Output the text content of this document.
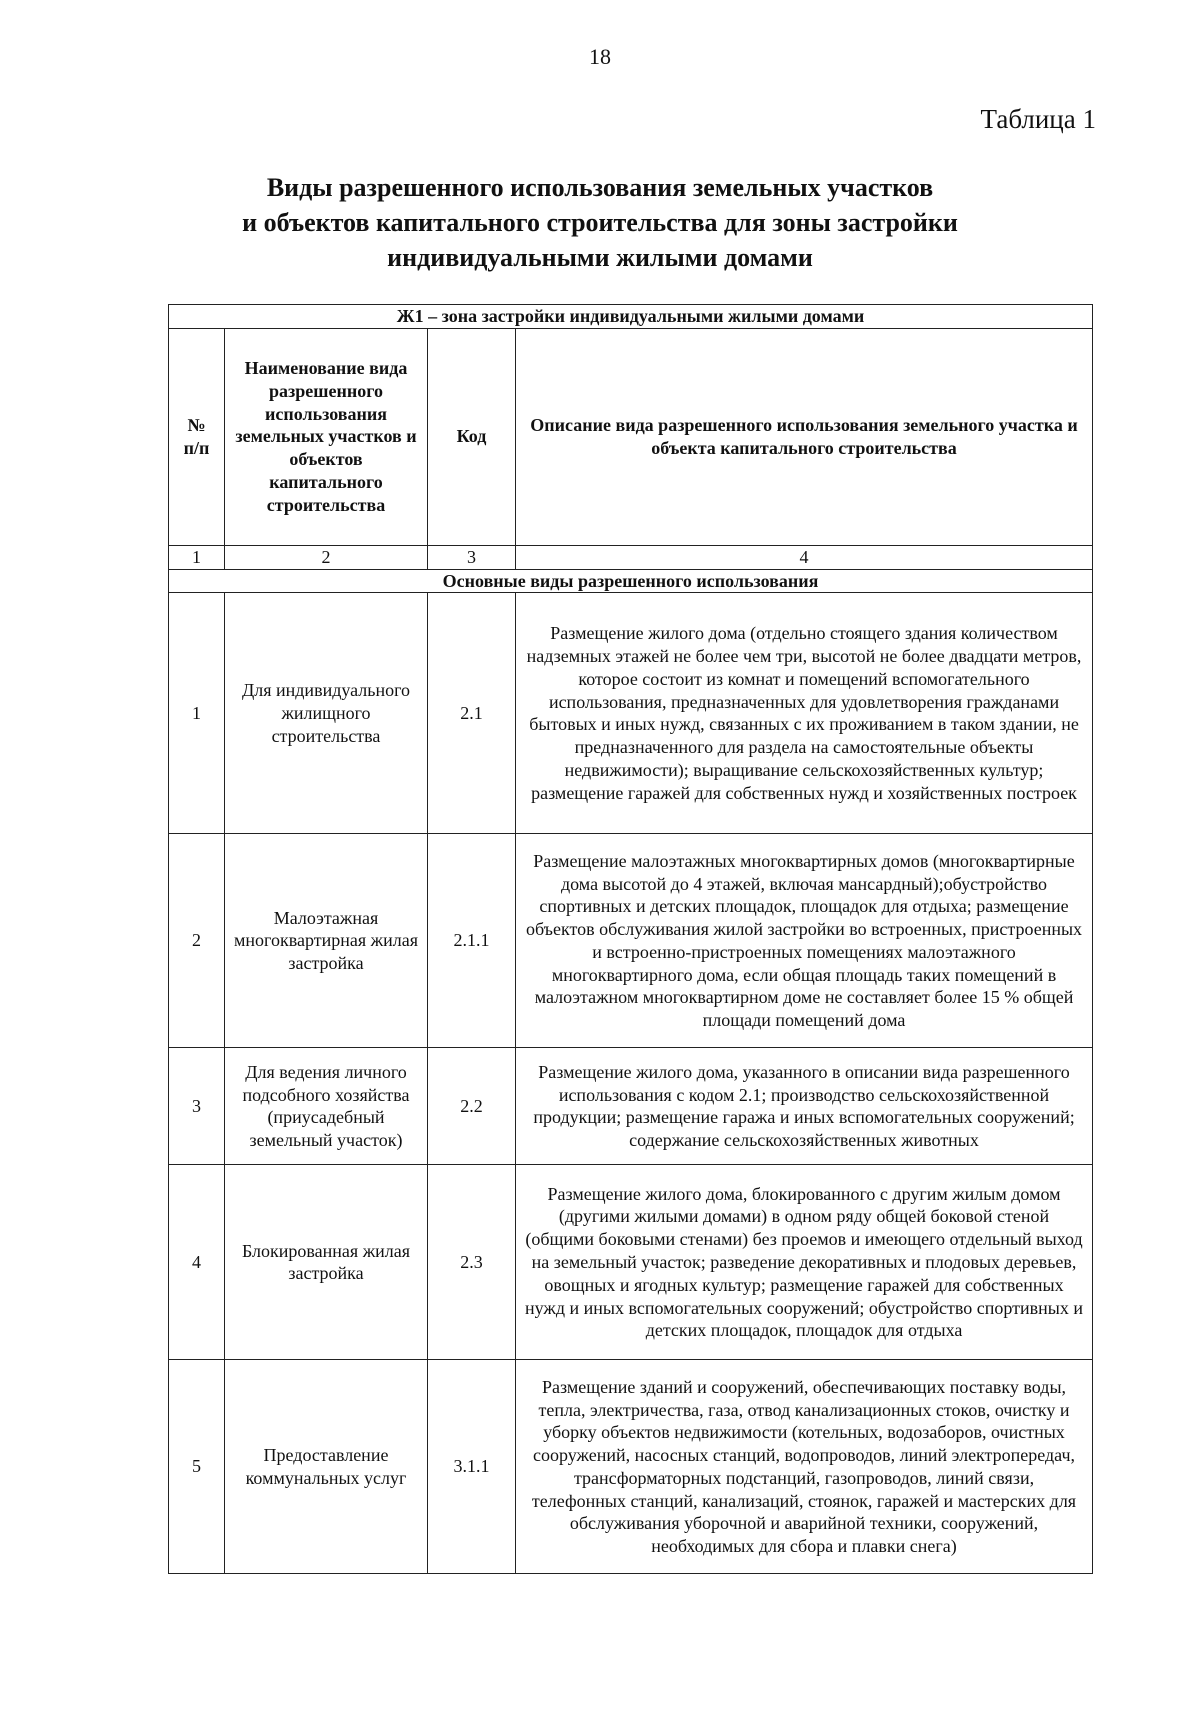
18
Таблица 1
Виды разрешенного использования земельных участков
и объектов капитального строительства для зоны застройки
индивидуальными жилыми домами
Ж1 – зона застройки индивидуальными жилыми домами			
№ п/п	Наименование вида разрешенного использования земельных участков и объектов капитального строительства	Код	Описание вида разрешенного использования земельного участка и объекта капитального строительства
1	2	3	4
Основные виды разрешенного использования			
1	Для индивидуального жилищного строительства	2.1	Размещение жилого дома (отдельно стоящего здания количеством надземных этажей не более чем три, высотой не более двадцати метров, которое состоит из комнат и помещений вспомогательного использования, предназначенных для удовлетворения гражданами бытовых и иных нужд, связанных с их проживанием в таком здании, не предназначенного для раздела на самостоятельные объекты недвижимости); выращивание сельскохозяйственных культур; размещение гаражей для собственных нужд и хозяйственных построек
2	Малоэтажная многоквартирная жилая застройка	2.1.1	Размещение малоэтажных многоквартирных домов (многоквартирные дома высотой до 4 этажей, включая мансардный);обустройство спортивных и детских площадок, площадок для отдыха; размещение объектов обслуживания жилой застройки во встроенных, пристроенных и встроенно-пристроенных помещениях малоэтажного многоквартирного дома, если общая площадь таких помещений в малоэтажном многоквартирном доме не составляет более 15 % общей площади помещений дома
3	Для ведения личного подсобного хозяйства (приусадебный земельный участок)	2.2	Размещение жилого дома, указанного в описании вида разрешенного использования с кодом 2.1; производство сельскохозяйственной продукции; размещение гаража и иных вспомогательных сооружений; содержание сельскохозяйственных животных
4	Блокированная жилая застройка	2.3	Размещение жилого дома, блокированного с другим жилым домом (другими жилыми домами) в одном ряду общей боковой стеной (общими боковыми стенами) без проемов и имеющего отдельный выход на земельный участок; разведение декоративных и плодовых деревьев, овощных и ягодных культур; размещение гаражей для собственных нужд и иных вспомогательных сооружений; обустройство спортивных и детских площадок, площадок для отдыха
5	Предоставление коммунальных услуг	3.1.1	Размещение зданий и сооружений, обеспечивающих поставку воды, тепла, электричества, газа, отвод канализационных стоков, очистку и уборку объектов недвижимости (котельных, водозаборов, очистных сооружений, насосных станций, водопроводов, линий электропередач, трансформаторных подстанций, газопроводов, линий связи, телефонных станций, канализаций, стоянок, гаражей и мастерских для обслуживания уборочной и аварийной техники, сооружений, необходимых для сбора и плавки снега)
